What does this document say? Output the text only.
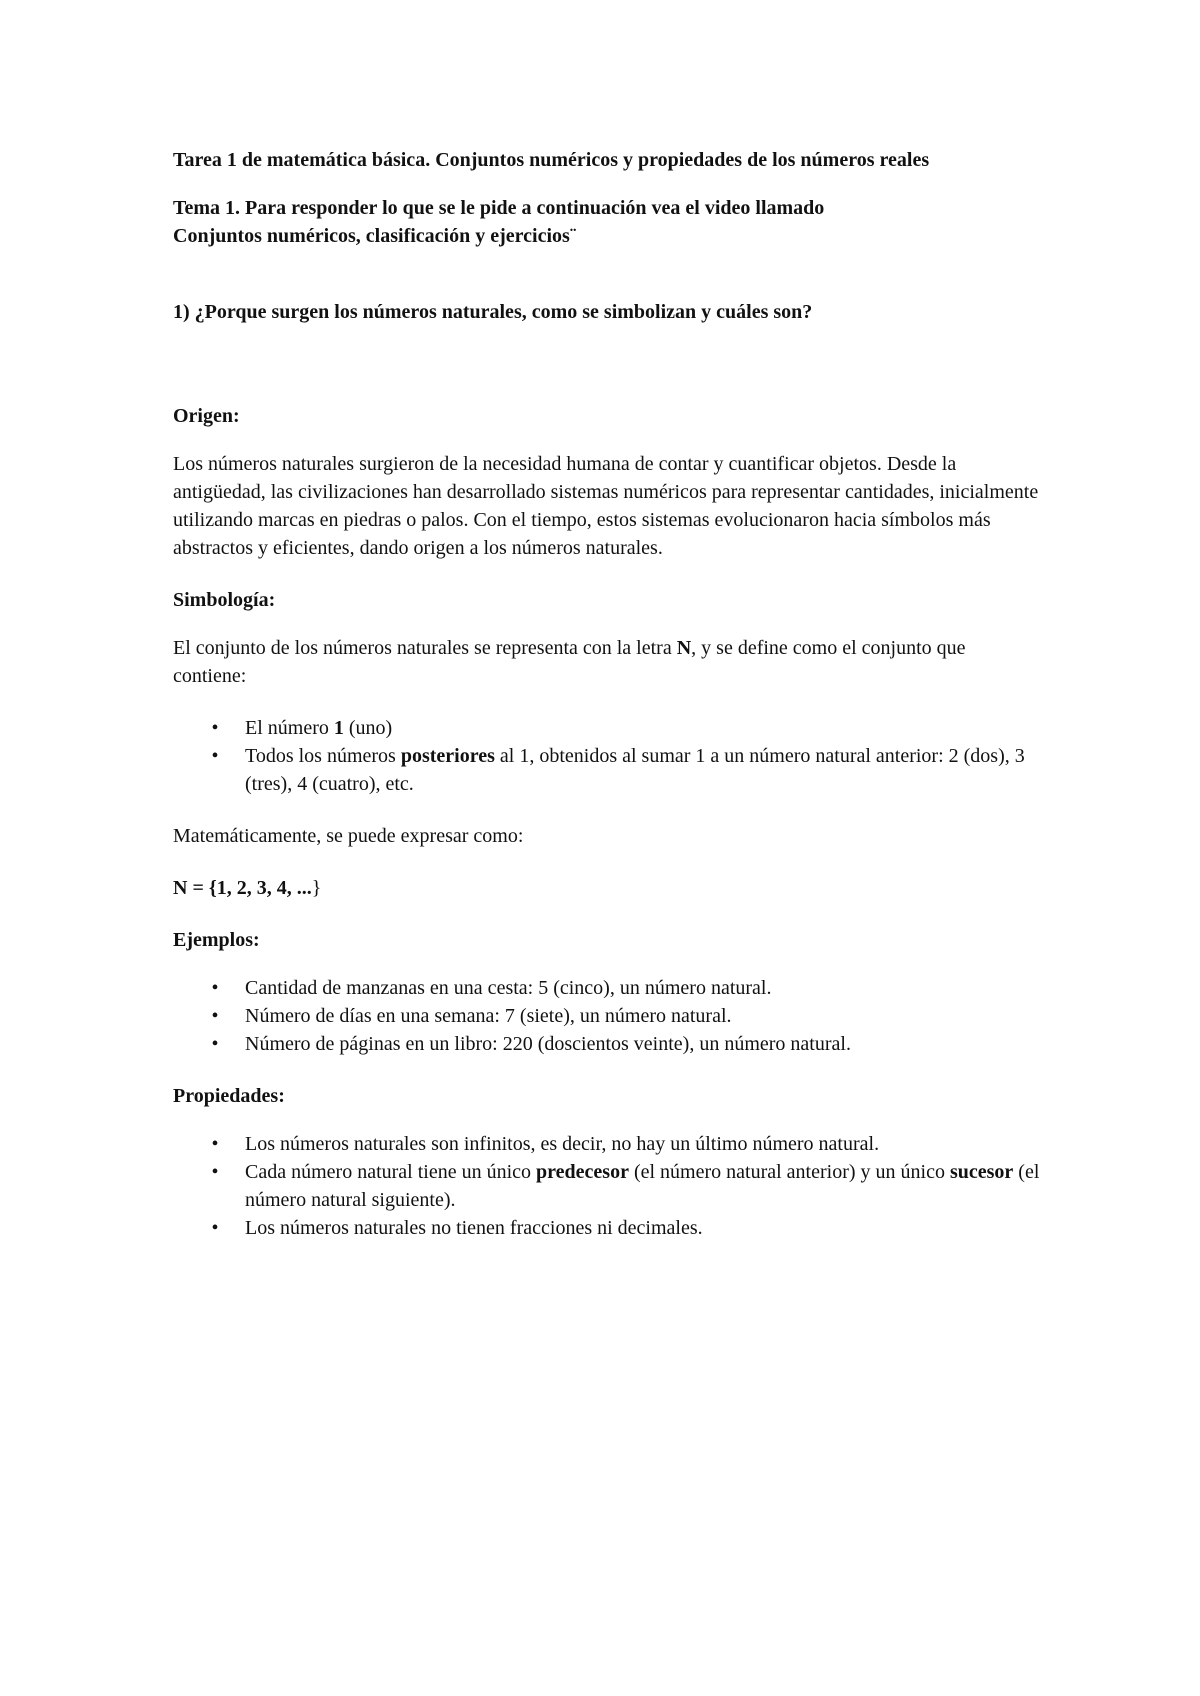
Tarea 1 de matemática básica. Conjuntos numéricos y propiedades de los números reales

Tema 1. Para responder lo que se le pide a continuación vea el video llamado
Conjuntos numéricos, clasificación y ejercicios¨

1) ¿Porque surgen los números naturales, como se simbolizan y cuáles son?

Origen:

Los números naturales surgieron de la necesidad humana de contar y cuantificar objetos. Desde la antigüedad, las civilizaciones han desarrollado sistemas numéricos para representar cantidades, inicialmente utilizando marcas en piedras o palos. Con el tiempo, estos sistemas evolucionaron hacia símbolos más abstractos y eficientes, dando origen a los números naturales.

Simbología:

El conjunto de los números naturales se representa con la letra N, y se define como el conjunto que contiene:

• El número 1 (uno)
• Todos los números posteriores al 1, obtenidos al sumar 1 a un número natural anterior: 2 (dos), 3 (tres), 4 (cuatro), etc.

Matemáticamente, se puede expresar como:

N = {1, 2, 3, 4, ...}

Ejemplos:

• Cantidad de manzanas en una cesta: 5 (cinco), un número natural.
• Número de días en una semana: 7 (siete), un número natural.
• Número de páginas en un libro: 220 (doscientos veinte), un número natural.

Propiedades:

• Los números naturales son infinitos, es decir, no hay un último número natural.
• Cada número natural tiene un único predecesor (el número natural anterior) y un único sucesor (el número natural siguiente).
• Los números naturales no tienen fracciones ni decimales.
